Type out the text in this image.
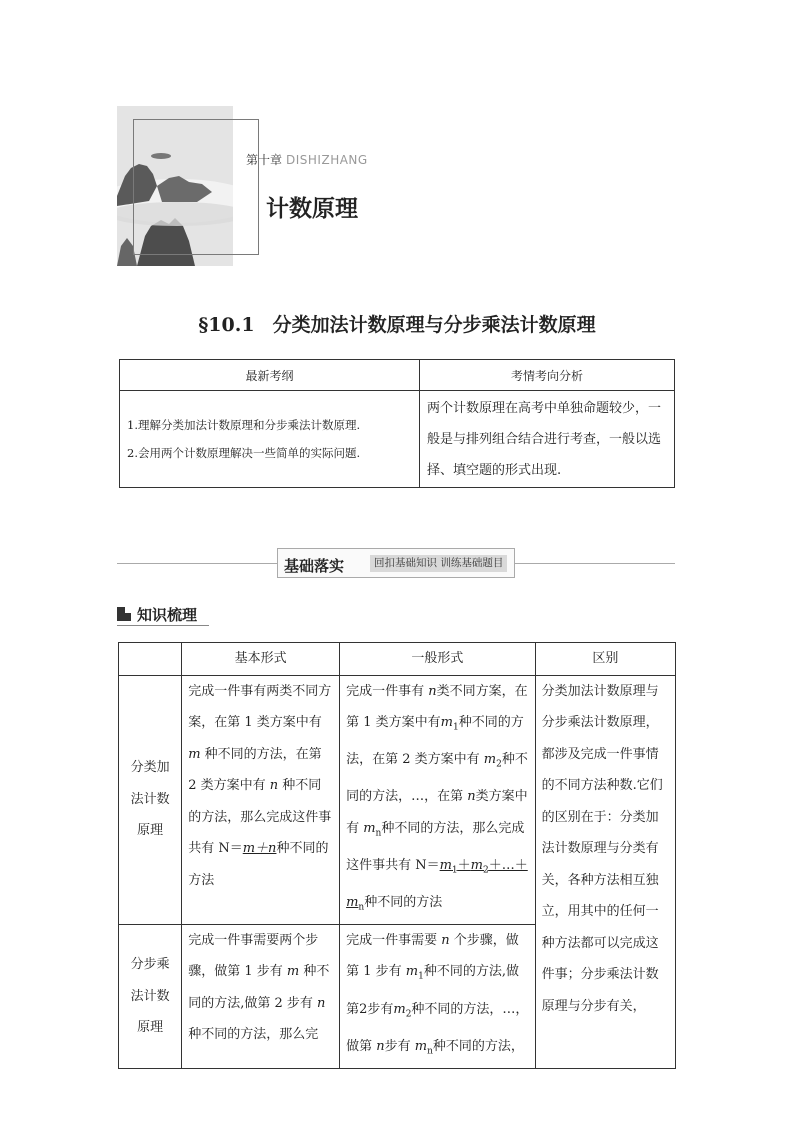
第十章 DISHIZHANG
计数原理
§10.1 分类加法计数原理与分步乘法计数原理
最新考纲	考情考向分析

1.理解分类加法计数原理和分步乘法计数原理.
2.会用两个计数原理解决一些简单的实际问题.	两个计数原理在高考中单独命题较少，一般是与排列组合结合进行考查，一般以选择、填空题的形式出现.
基础落实	回扣基础知识 训练基础题目
知识梳理
	基本形式	一般形式	区别
分类加法计数原理	完成一件事有两类不同方案，在第 1 类方案中有 m 种不同的方法，在第 2 类方案中有 n 种不同的方法，那么完成这件事共有 N＝m＋n种不同的方法	完成一件事有 n类不同方案，在第 1 类方案中有$m_1$种不同的方法，在第 2 类方案中有 $m_2$种不同的方法，…，在第 n类方案中有 $m_n$种不同的方法，那么完成这件事共有 $N=m_1+m_2+\dots+m_n$种不同的方法	分类加法计数原理与分步乘法计数原理，都涉及完成一件事情的不同方法种数.它们的区别在于：分类加法计数原理与分类有关，各种方法相互独立，用其中的任何一种方法都可以完成这件事；分步乘法计数原理与分步有关，
分步乘法计数原理	完成一件事需要两个步骤，做第 1 步有 m 种不同的方法,做第 2 步有 n 种不同的方法，那么完	完成一件事需要 n 个步骤，做第 1 步有 $m_1$种不同的方法,做第2步有$m_2$种不同的方法，…，做第 n步有 $m_n$种不同的方法，	
